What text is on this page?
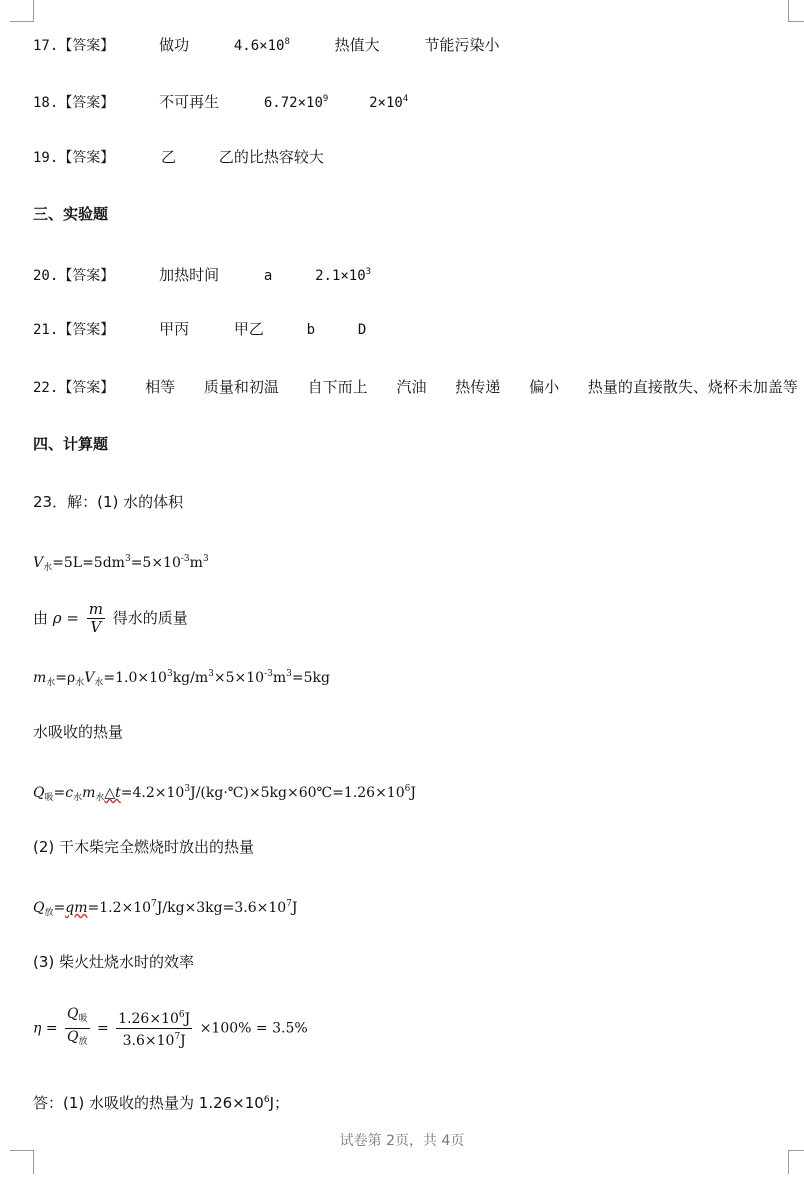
17.【答案】	做功	$4.6\times 10^8$	热值大	节能污染小
18.【答案】	不可再生	$6.72\times 10^9$	$2\times 10^4$
19.【答案】	乙	乙的比热容较大
三、实验题
20.【答案】	加热时间	a	$2.1\times 10^3$
21.【答案】	甲丙	甲乙	b	D
22.【答案】 相等 质量和初温 自下而上 汽油 热传递 偏小 热量的直接散失、烧杯未加盖等
四、计算题
23．解：(1) 水的体积
$V_水=5L=5dm^3=5\times 10^{-3}m^3$
由 $\rho = \frac{m}{V}$ 得水的质量
$m_水=\rho_水V_水=1.0\times 10^3kg/m^3\times 5\times 10^{-3}m^3=5kg$
水吸收的热量
$Q_吸=c_水m_水\triangle t=4.2\times 10^3J/(kg\cdot℃)\times 5kg\times 60℃=1.26\times 10^6J$
(2) 干木柴完全燃烧时放出的热量
$Q_放=qm=1.2\times 10^7J/kg\times 3kg=3.6\times 10^7J$
(3) 柴火灶烧水时的效率
$\eta = \frac{Q_吸}{Q_放} = \frac{1.26\times 10^6J}{3.6\times 10^7J} \times 100\% = 3.5\%$
答：(1) 水吸收的热量为 $1.26\times 10^6J$；
试卷第 2页，共 4页
